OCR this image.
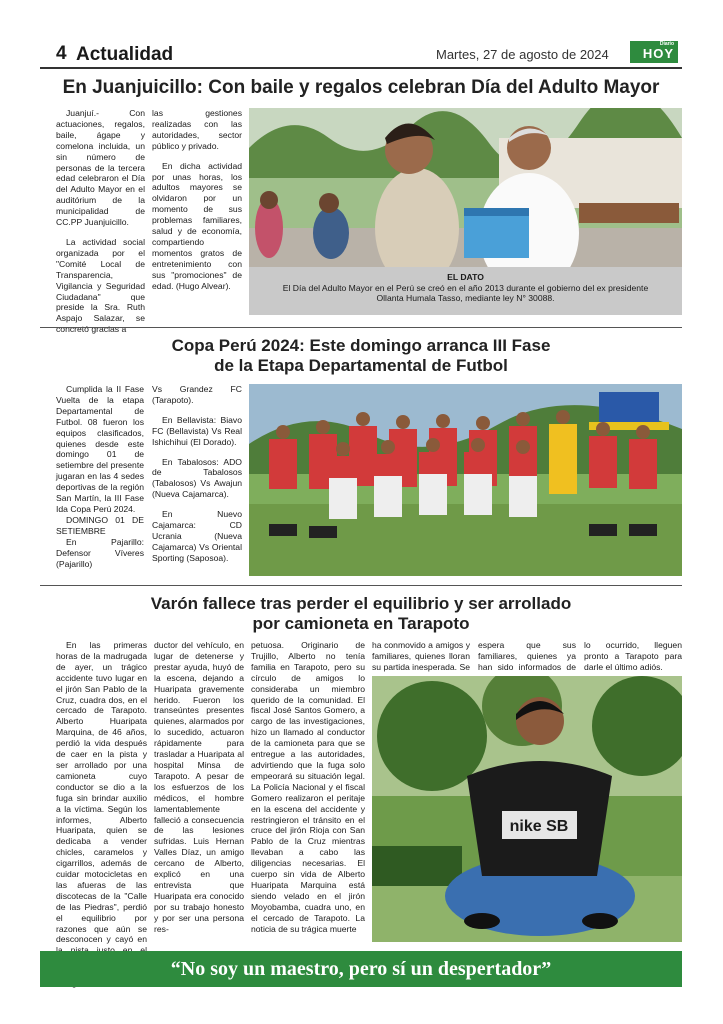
4 Actualidad	Martes, 27 de agosto de 2024
Diario
HOY
En Juanjuicillo: Con baile y regalos celebran Día del Adulto Mayor

Juanjuí.- Con actuaciones, regalos, baile, ágape y comelona incluida, un sin número de personas de la tercera edad celebraron el Día del Adulto Mayor en el auditórium de la municipalidad de CC.PP Juanjuicillo.

La actividad social organizada por el "Comité Local de Transparencia, Vigilancia y Seguridad Ciudadana" que preside la Sra. Ruth Aspajo Salazar, se concretó gracias a

las gestiones realizadas con las autoridades, sector público y privado.

En dicha actividad por unas horas, los adultos mayores se olvidaron por un momento de sus problemas familiares, salud y de economía, compartiendo momentos gratos de entretenimiento con sus "promociones" de edad. (Hugo Alvear).

EL DATO
El Día del Adulto Mayor en el Perú se creó en el año 2013 durante el gobierno del ex presidente Ollanta Humala Tasso, mediante ley N° 30088.
Copa Perú 2024: Este domingo arranca III Fase
de la Etapa Departamental de Futbol

Cumplida la II Fase Vuelta de la etapa Departamental de Futbol. 08 fueron los equipos clasificados, quienes desde este domingo 01 de setiembre del presente jugaran en las 4 sedes deportivas de la región San Martín, la III Fase Ida Copa Perú 2024.

DOMINGO 01 DE SETIEMBRE

En Pajarillo: Defensor Víveres (Pajarillo)

Vs Grandez FC (Tarapoto).

En Bellavista: Biavo FC (Bellavista) Vs Real Ishichihui (El Dorado).

En Tabalosos: ADO de Tabalosos (Tabalosos) Vs Awajun (Nueva Cajamarca).

En Nuevo Cajamarca: CD Ucrania (Nueva Cajamarca) Vs Oriental Sporting (Saposoa).

Varón fallece tras perder el equilibrio y ser arrollado
por camioneta en Tarapoto

En las primeras horas de la madrugada de ayer, un trágico accidente tuvo lugar en el jirón San Pablo de la Cruz, cuadra dos, en el cercado de Tarapoto. Alberto Huaripata Marquina, de 46 años, perdió la vida después de caer en la pista y ser arrollado por una camioneta cuyo conductor se dio a la fuga sin brindar auxilio a la víctima. Según los informes, Alberto Huaripata, quien se dedicaba a vender chicles, caramelos y cigarrillos, además de cuidar motocicletas en las afueras de las discotecas de la "Calle de las Piedras", perdió el equilibrio por razones que aún se desconocen y cayó en

ductor del vehículo, en lugar de detenerse y prestar ayuda, huyó de la escena, dejando a Huaripata gravemente herido. Fueron los transeúntes presentes quienes, alarmados por lo sucedido, actuaron rápidamente para trasladar a Huaripata al hospital Minsa de Tarapoto. A pesar de los esfuerzos de los médicos, el hombre lamentablemente falleció a consecuencia de las lesiones sufridas. Luis Hernan Valles Díaz, un amigo cercano de Alberto, explicó en una entrevista que Huaripata era conocido por su trabajo honesto y por ser una persona res-

petuosa. Originario de Trujillo, Alberto no tenía familia en Tarapoto, pero su círculo de amigos lo consideraba un miembro querido de la comunidad. El fiscal José Santos Gomero, a cargo de las investigaciones, hizo un llamado al conductor de la camioneta para que se entregue a las autoridades, advirtiendo que la fuga solo empeorará su situación legal. La Policía Nacional y el fiscal Gomero realizaron el peritaje en la escena del accidente y restringieron el tránsito en el cruce del jirón Rioja con San Pablo de la Cruz mientras llevaban a cabo las diligencias necesarias. El cuerpo sin vida de Alberto Huaripata Marquina está siendo velado en el jirón Moyobamba, cuadra uno, en el cercado de Tarapoto. La noticia de su trágica muerte

ha conmovido a amigos y familiares, quienes lloran su partida inesperada. Se espera que sus familiares, quienes ya han sido informados de lo ocurrido, lleguen pronto a Tarapoto para darle el último adiós.
nike SB
“No soy un maestro, pero sí un despertador”
